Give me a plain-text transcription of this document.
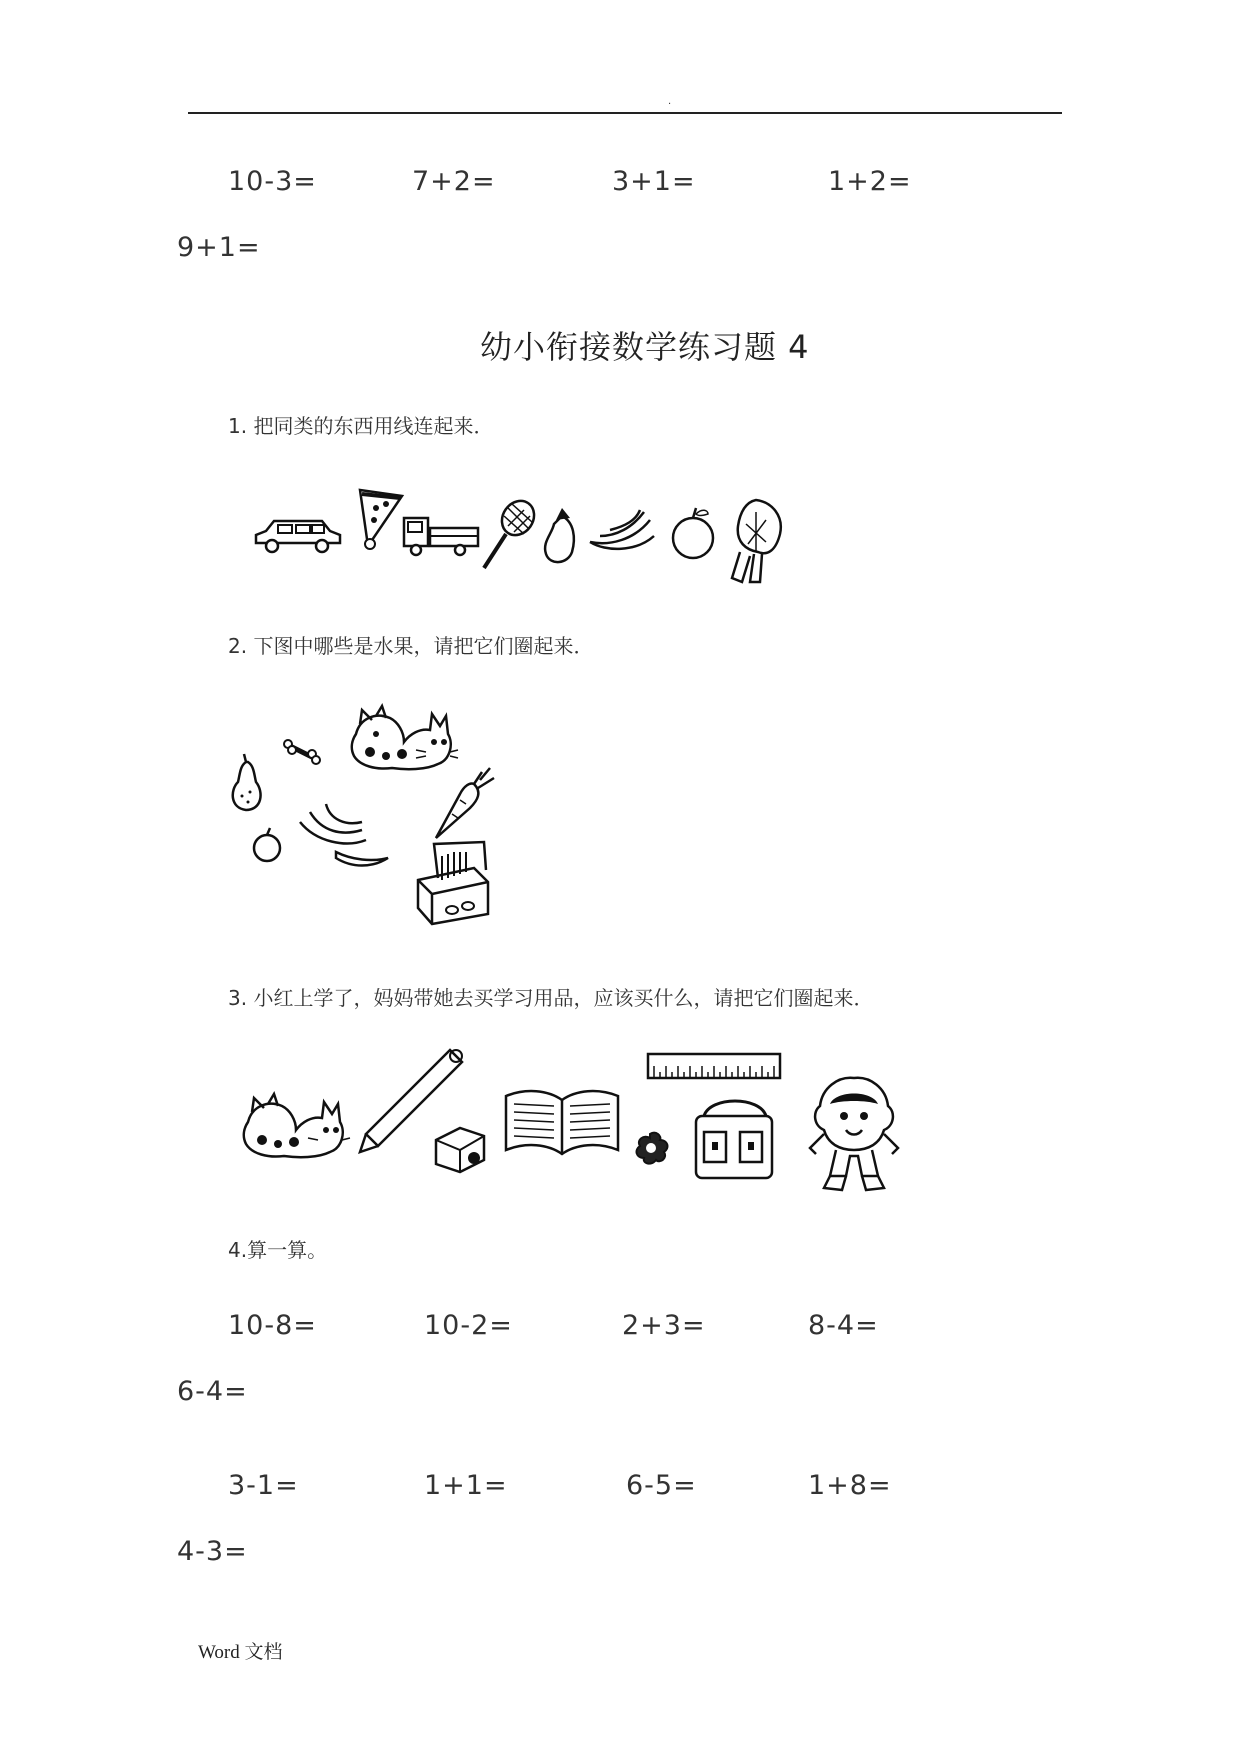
.
10-3=	7+2=	3+1=	1+2=
9+1=
幼小衔接数学练习题 4
1. 把同类的东西用线连起来．
2. 下图中哪些是水果，请把它们圈起来．
3. 小红上学了，妈妈带她去买学习用品，应该买什么，请把它们圈起来．
4.算一算。
10-8=	10-2=	2+3=	8-4=
6-4=
3-1=	1+1=	6-5=	1+8=
4-3=
Word 文档
